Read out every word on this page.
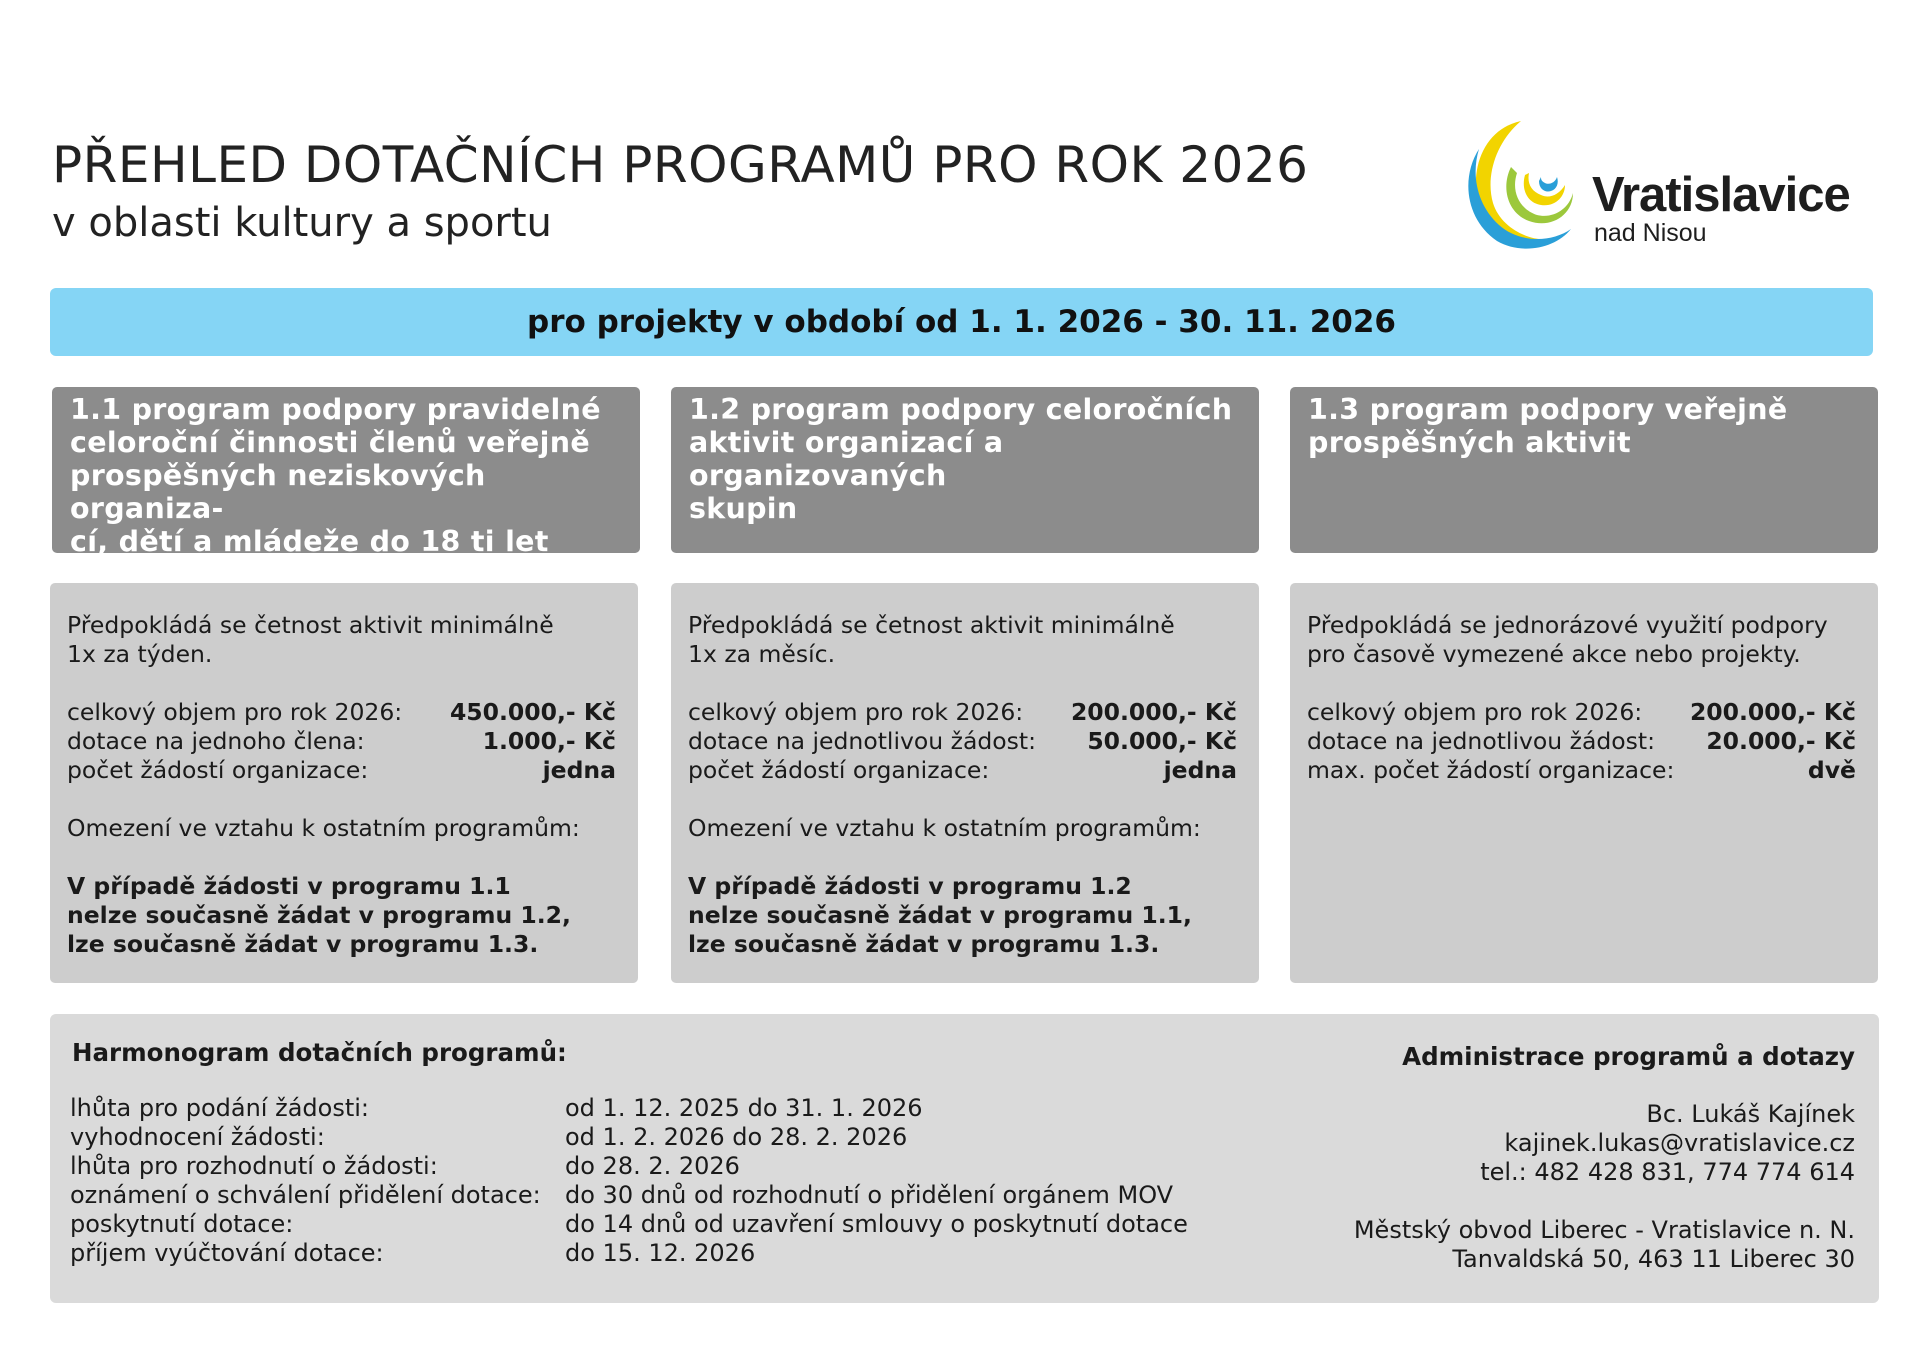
PŘEHLED DOTAČNÍCH PROGRAMŮ PRO ROK 2026
v oblasti kultury a sportu
Vratislavice
nad Nisou
pro projekty v období od 1. 1. 2026 - 30. 11. 2026
1.1 program podpory pravidelné
celoroční činnosti členů veřejně
prospěšných neziskových organiza-
cí, dětí a mládeže do 18 ti let
Předpokládá se četnost aktivit minimálně
1x za týden.
celkový objem pro rok 2026: 450.000,- Kč
dotace na jednoho člena:	1.000,- Kč
počet žádostí organizace:	jedna
Omezení ve vztahu k ostatním programům:
V případě žádosti v programu 1.1
nelze současně žádat v programu 1.2,
lze současně žádat v programu 1.3.
1.2 program podpory celoročních
aktivit organizací a organizovaných
skupin
Předpokládá se četnost aktivit minimálně
1x za měsíc.
celkový objem pro rok 2026: 200.000,- Kč
dotace na jednotlivou žádost: 50.000,- Kč
počet žádostí organizace:	jedna
Omezení ve vztahu k ostatním programům:
V případě žádosti v programu 1.2
nelze současně žádat v programu 1.1,
lze současně žádat v programu 1.3.
1.3 program podpory veřejně
prospěšných aktivit
Předpokládá se jednorázové využití podpory
pro časově vymezené akce nebo projekty.
celkový objem pro rok 2026: 200.000,- Kč
dotace na jednotlivou žádost: 20.000,- Kč
max. počet žádostí organizace:	dvě
Harmonogram dotačních programů:
lhůta pro podání žádosti:	od 1. 12. 2025 do 31. 1. 2026
vyhodnocení žádosti:	od 1. 2. 2026 do 28. 2. 2026
lhůta pro rozhodnutí o žádosti:	do 28. 2. 2026
oznámení o schválení přidělení dotace:	do 30 dnů od rozhodnutí o přidělení orgánem MOV
poskytnutí dotace:	do 14 dnů od uzavření smlouvy o poskytnutí dotace
příjem vyúčtování dotace:	do 15. 12. 2026
Administrace programů a dotazy
Bc. Lukáš Kajínek
kajinek.lukas@vratislavice.cz
tel.: 482 428 831, 774 774 614
Městský obvod Liberec - Vratislavice n. N.
Tanvaldská 50, 463 11 Liberec 30
